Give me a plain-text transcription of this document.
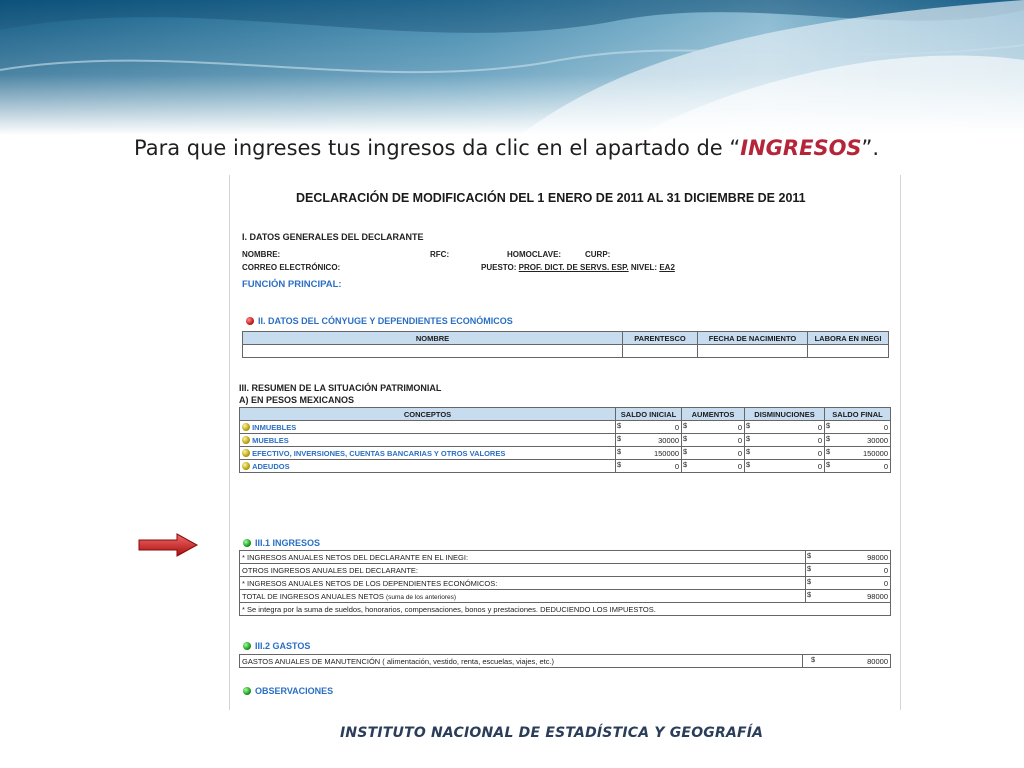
Para que ingreses tus ingresos da clic en el apartado de “INGRESOS”.
DECLARACIÓN DE MODIFICACIÓN DEL 1 ENERO DE 2011 AL 31 DICIEMBRE DE 2011
I. DATOS GENERALES DEL DECLARANTE
NOMBRE:	RFC:	HOMOCLAVE:	CURP:
CORREO ELECTRÓNICO:	PUESTO: PROF. DICT. DE SERVS. ESP. NIVEL: EA2
FUNCIÓN PRINCIPAL:
II. DATOS DEL CÓNYUGE Y DEPENDIENTES ECONÓMICOS
NOMBRE	PARENTESCO	FECHA DE NACIMIENTO	LABORA EN INEGI

III. RESUMEN DE LA SITUACIÓN PATRIMONIAL
A) EN PESOS MEXICANOS
CONCEPTOS	SALDO INICIAL	AUMENTOS	DISMINUCIONES	SALDO FINAL
INMUEBLES	$ 0	$ 0	$ 0	$ 0
MUEBLES	$ 30000	$ 0	$ 0	$ 30000
EFECTIVO, INVERSIONES, CUENTAS BANCARIAS Y OTROS VALORES	$ 150000	$ 0	$ 0	$ 150000
ADEUDOS	$ 0	$ 0	$ 0	$ 0
III.1 INGRESOS
* INGRESOS ANUALES NETOS DEL DECLARANTE EN EL INEGI:	$ 98000
OTROS INGRESOS ANUALES DEL DECLARANTE:	$ 0
* INGRESOS ANUALES NETOS DE LOS DEPENDIENTES ECONÓMICOS:	$ 0
TOTAL DE INGRESOS ANUALES NETOS (suma de los anteriores)	$ 98000
* Se integra por la suma de sueldos, honorarios, compensaciones, bonos y prestaciones. DEDUCIENDO LOS IMPUESTOS.	
III.2 GASTOS
GASTOS ANUALES DE MANUTENCIÓN ( alimentación, vestido, renta, escuelas, viajes, etc.)	$	80000
OBSERVACIONES
INSTITUTO NACIONAL DE ESTADÍSTICA Y GEOGRAFÍA
